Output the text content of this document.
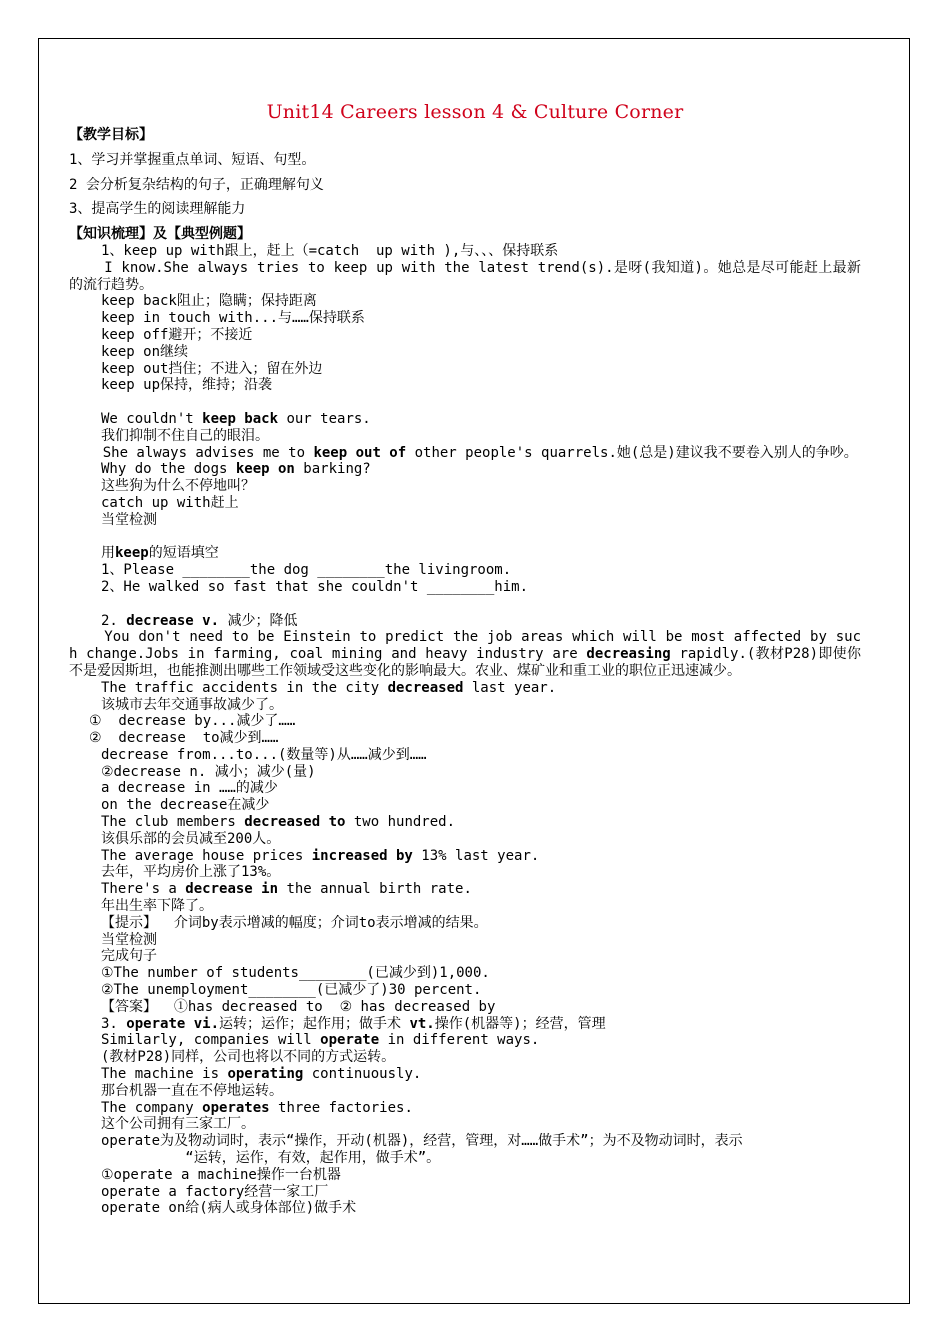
Unit14 Careers lesson 4 & Culture Corner
【教学目标】
1、学习并掌握重点单词、短语、句型。
2 会分析复杂结构的句子，正确理解句义
3、提高学生的阅读理解能力
【知识梳理】及【典型例题】
1、keep up with跟上，赶上（=catch  up with ),与、、、保持联系
I know.She always tries to keep up with the latest trend(s).是呀(我知道)。她总是尽可能赶上最新的流行趋势。
keep back阻止；隐瞒；保持距离
keep in touch with...与……保持联系
keep off避开；不接近
keep on继续
keep out挡住；不进入；留在外边
keep up保持，维持；沿袭
We couldn't keep back our tears.
我们抑制不住自己的眼泪。
She always advises me to keep out of other people's quarrels.她(总是)建议我不要卷入别人的争吵。
Why do the dogs keep on barking?
这些狗为什么不停地叫？
catch up with赶上
当堂检测
用keep的短语填空
1、Please ________the dog ________the livingroom.
2、He walked so fast that she couldn't ________him.
2. decrease v. 减少；降低
You don't need to be Einstein to predict the job areas which will be most affected by such change.Jobs in farming, coal mining and heavy industry are decreasing rapidly.(教材P28)即使你不是爱因斯坦，也能推测出哪些工作领域受这些变化的影响最大。农业、煤矿业和重工业的职位正迅速减少。
The traffic accidents in the city decreased last year.
该城市去年交通事故减少了。
①  decrease by...减少了……
②  decrease  to减少到……
decrease from...to...(数量等)从……减少到……
②decrease n. 减小；减少(量)
a decrease in ……的减少
on the decrease在减少
The club members decreased to two hundred.
该俱乐部的会员减至200人。
The average house prices increased by 13% last year.
去年，平均房价上涨了13%。
There's a decrease in the annual birth rate.
年出生率下降了。
【提示】  介词by表示增减的幅度；介词to表示增减的结果。
当堂检测
完成句子
①The number of students________(已减少到)1,000.
②The unemployment________(已减少了)30 percent.
【答案】  ①has decreased to  ② has decreased by
3. operate vi.运转；运作；起作用；做手术 vt.操作(机器等)；经营，管理
Similarly, companies will operate in different ways.
(教材P28)同样，公司也将以不同的方式运转。
The machine is operating continuously.
那台机器一直在不停地运转。
The company operates three factories.
这个公司拥有三家工厂。
operate为及物动词时，表示“操作，开动(机器)，经营，管理，对……做手术”；为不及物动词时，表示
“运转，运作，有效，起作用，做手术”。
①operate a machine操作一台机器
operate a factory经营一家工厂
operate on给(病人或身体部位)做手术
